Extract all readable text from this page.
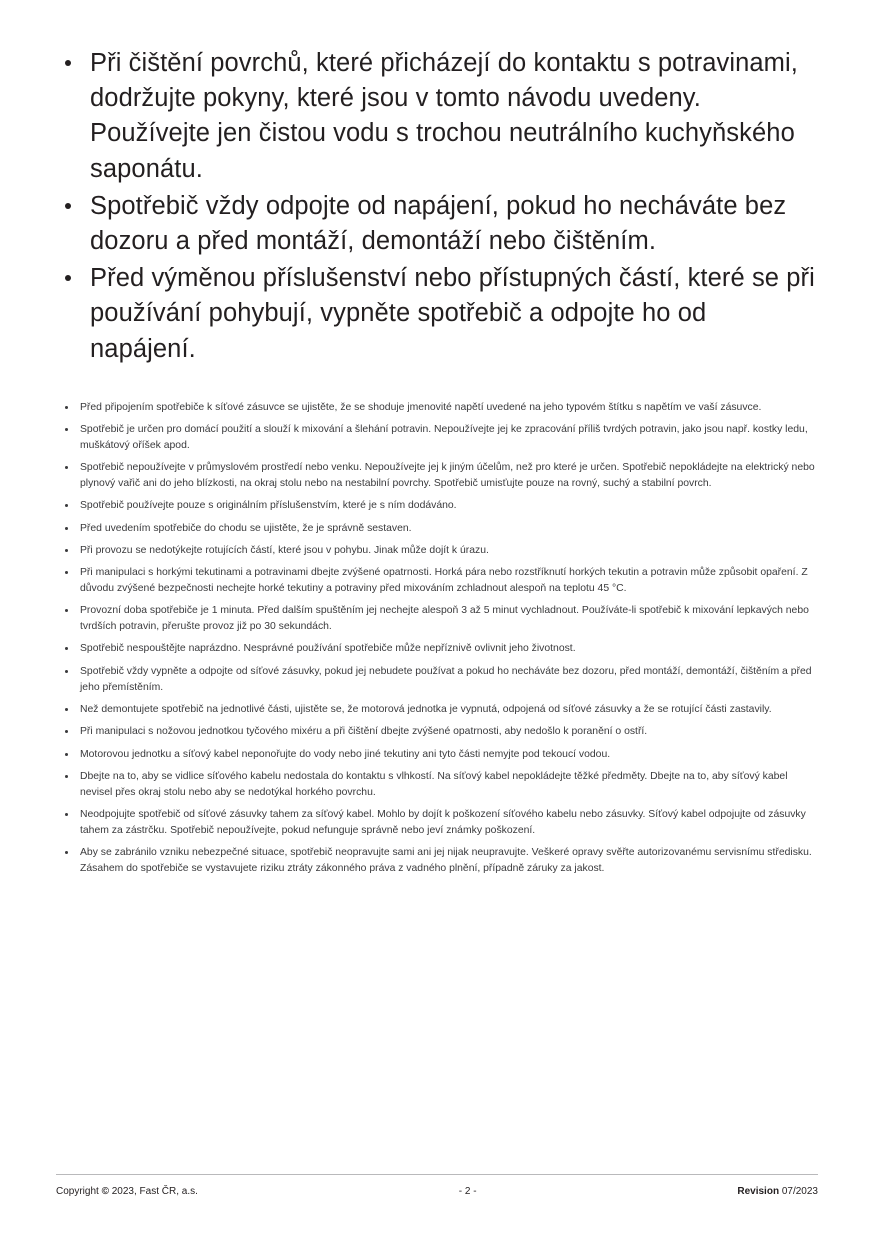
Při čištění povrchů, které přicházejí do kontaktu s potravinami, dodržujte pokyny, které jsou v tomto návodu uvedeny. Používejte jen čistou vodu s trochou neutrálního kuchyňského saponátu.
Spotřebič vždy odpojte od napájení, pokud ho necháváte bez dozoru a před montáží, demontáží nebo čištěním.
Před výměnou příslušenství nebo přístupných částí, které se při používání pohybují, vypněte spotřebič a odpojte ho od napájení.
Před připojením spotřebiče k síťové zásuvce se ujistěte, že se shoduje jmenovité napětí uvedené na jeho typovém štítku s napětím ve vaší zásuvce.
Spotřebič je určen pro domácí použití a slouží k mixování a šlehání potravin. Nepoužívejte jej ke zpracování příliš tvrdých potravin, jako jsou např. kostky ledu, muškátový oříšek apod.
Spotřebič nepoužívejte v průmyslovém prostředí nebo venku. Nepoužívejte jej k jiným účelům, než pro které je určen. Spotřebič nepokládejte na elektrický nebo plynový vařič ani do jeho blízkosti, na okraj stolu nebo na nestabilní povrchy. Spotřebič umisťujte pouze na rovný, suchý a stabilní povrch.
Spotřebič používejte pouze s originálním příslušenstvím, které je s ním dodáváno.
Před uvedením spotřebiče do chodu se ujistěte, že je správně sestaven.
Při provozu se nedotýkejte rotujících částí, které jsou v pohybu. Jinak může dojít k úrazu.
Při manipulaci s horkými tekutinami a potravinami dbejte zvýšené opatrnosti. Horká pára nebo rozstříknutí horkých tekutin a potravin může způsobit opaření. Z důvodu zvýšené bezpečnosti nechejte horké tekutiny a potraviny před mixováním zchladnout alespoň na teplotu 45 °C.
Provozní doba spotřebiče je 1 minuta. Před dalším spuštěním jej nechejte alespoň 3 až 5 minut vychladnout. Používáte-li spotřebič k mixování lepkavých nebo tvrdších potravin, přerušte provoz již po 30 sekundách.
Spotřebič nespouštějte naprázdno. Nesprávné používání spotřebiče může nepříznivě ovlivnit jeho životnost.
Spotřebič vždy vypněte a odpojte od síťové zásuvky, pokud jej nebudete používat a pokud ho necháváte bez dozoru, před montáží, demontáží, čištěním a před jeho přemístěním.
Než demontujete spotřebič na jednotlivé části, ujistěte se, že motorová jednotka je vypnutá, odpojená od síťové zásuvky a že se rotující části zastavily.
Při manipulaci s nožovou jednotkou tyčového mixéru a při čištění dbejte zvýšené opatrnosti, aby nedošlo k poranění o ostří.
Motorovou jednotku a síťový kabel neponořujte do vody nebo jiné tekutiny ani tyto části nemyjte pod tekoucí vodou.
Dbejte na to, aby se vidlice síťového kabelu nedostala do kontaktu s vlhkostí. Na síťový kabel nepokládejte těžké předměty. Dbejte na to, aby síťový kabel nevisel přes okraj stolu nebo aby se nedotýkal horkého povrchu.
Neodpojujte spotřebič od síťové zásuvky tahem za síťový kabel. Mohlo by dojít k poškození síťového kabelu nebo zásuvky. Síťový kabel odpojujte od zásuvky tahem za zástrčku. Spotřebič nepoužívejte, pokud nefunguje správně nebo jeví známky poškození.
Aby se zabránilo vzniku nebezpečné situace, spotřebič neopravujte sami ani jej nijak neupravujte. Veškeré opravy svěřte autorizovanému servisnímu středisku. Zásahem do spotřebiče se vystavujete riziku ztráty zákonného práva z vadného plnění, případně záruky za jakost.
Copyright © 2023, Fast ČR, a.s.	- 2 -	Revision 07/2023
